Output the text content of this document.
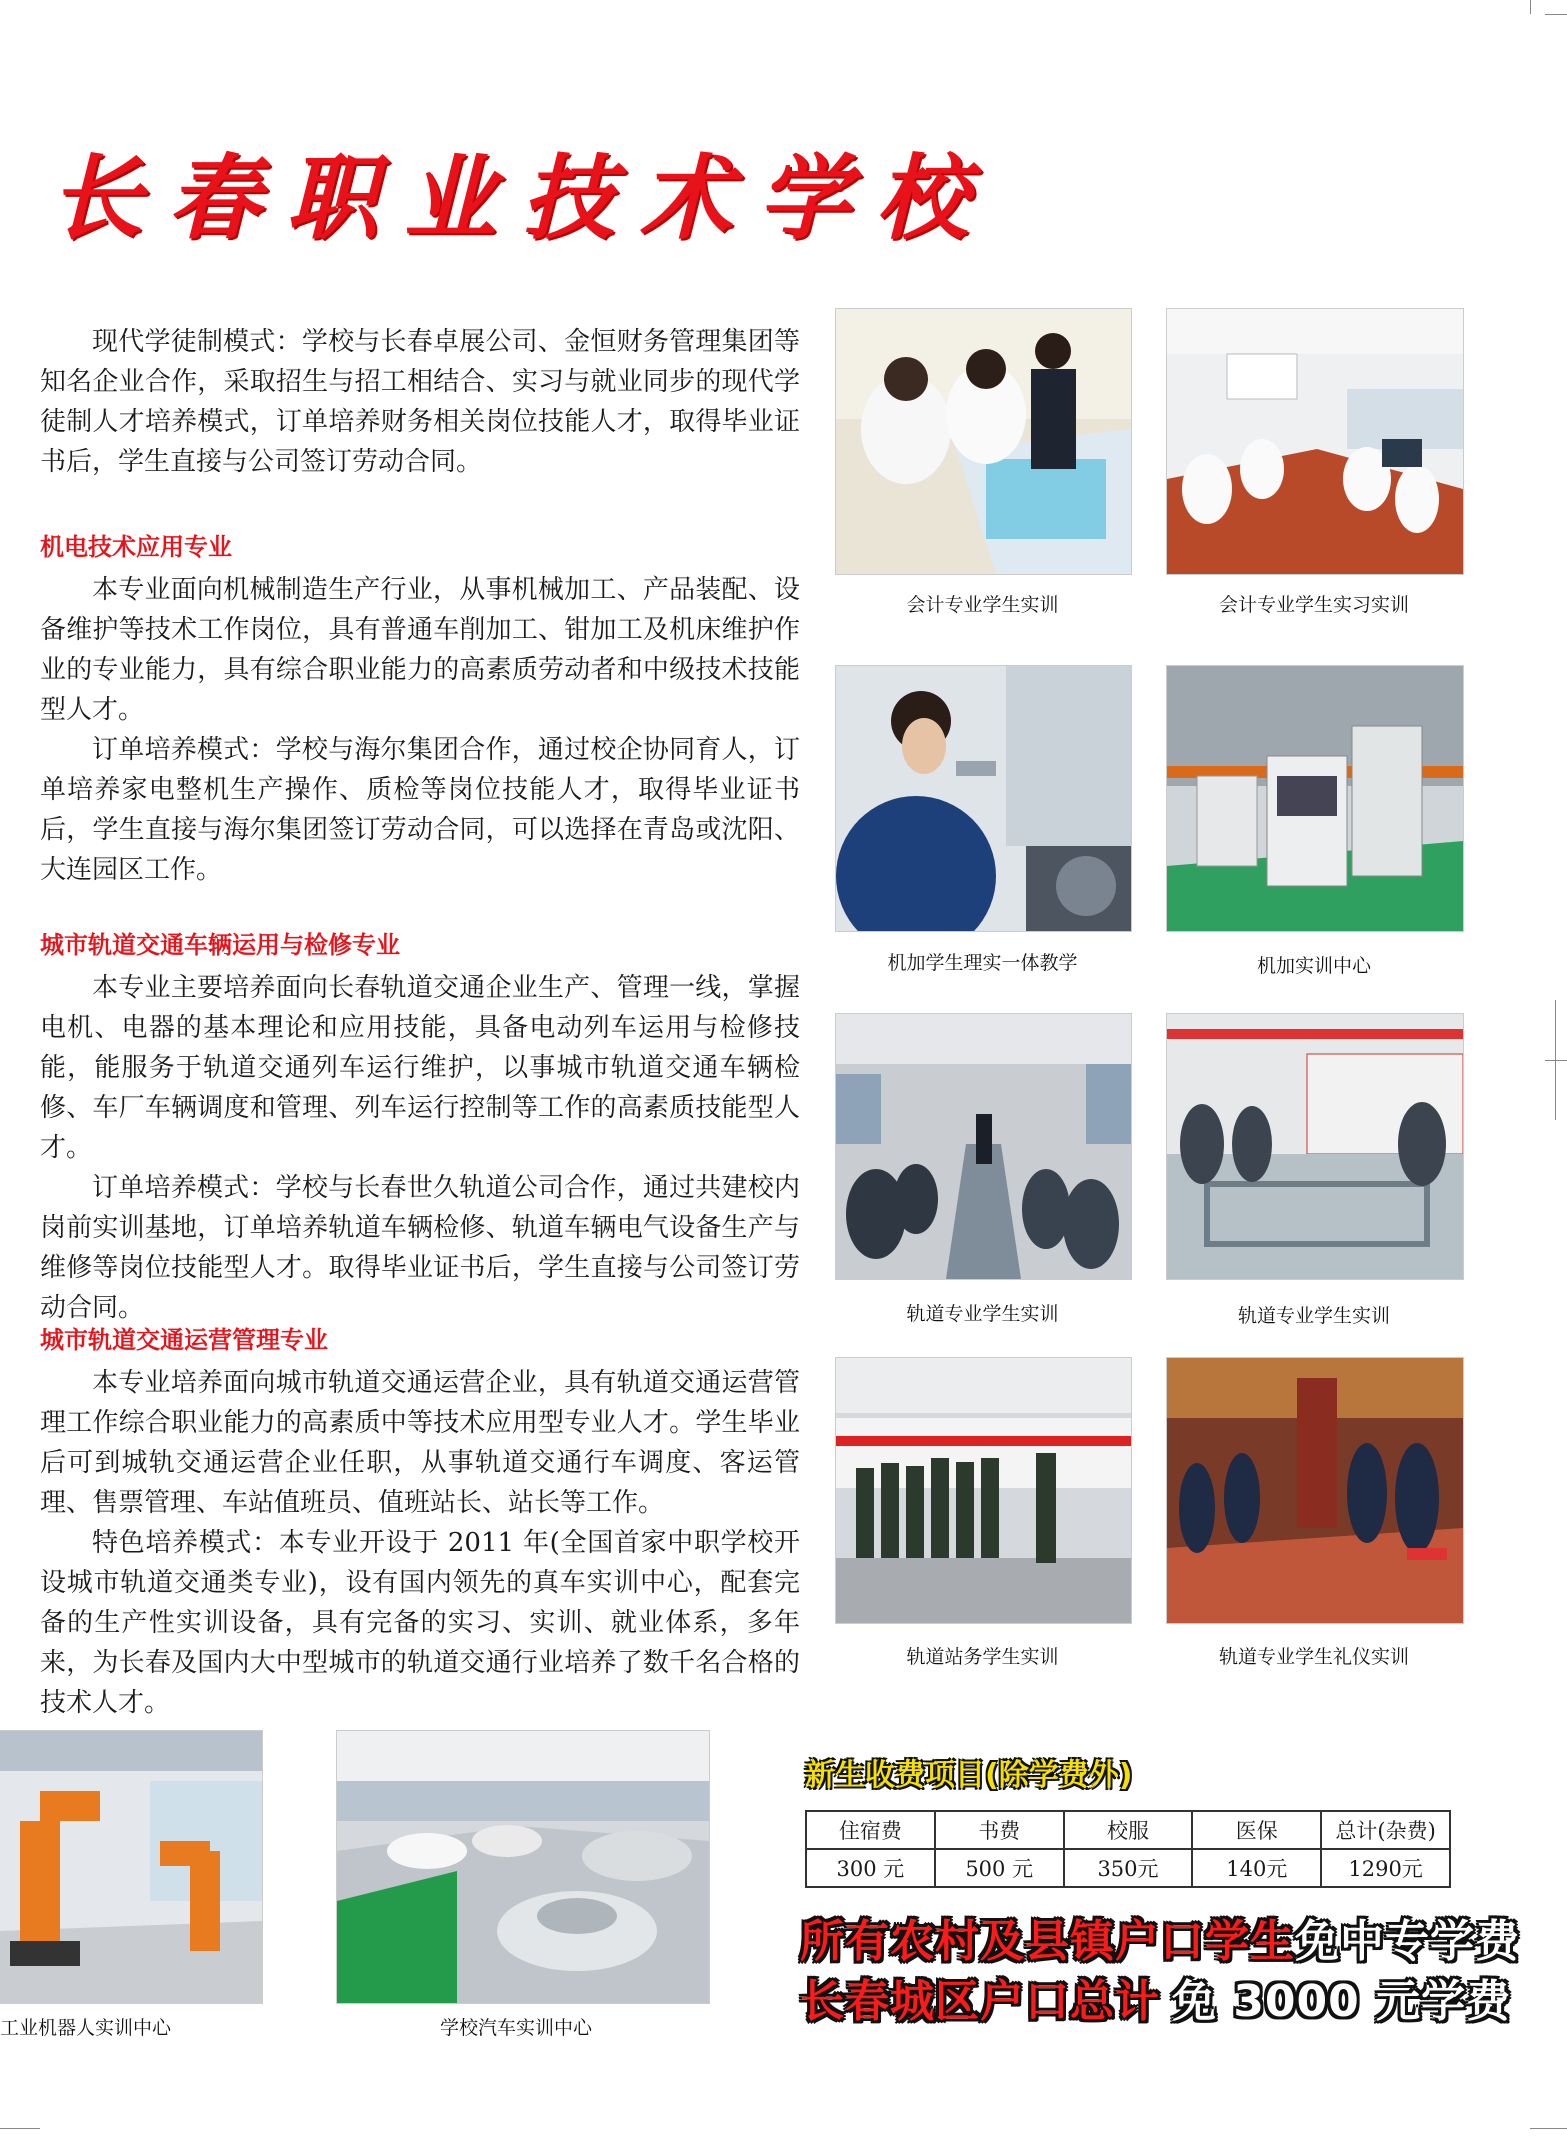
长春职业技术学校

现代学徒制模式：学校与长春卓展公司、金恒财务管理集团等知名企业合作，采取招生与招工相结合、实习与就业同步的现代学徒制人才培养模式，订单培养财务相关岗位技能人才，取得毕业证书后，学生直接与公司签订劳动合同。

机电技术应用专业

本专业面向机械制造生产行业，从事机械加工、产品装配、设备维护等技术工作岗位，具有普通车削加工、钳加工及机床维护作业的专业能力，具有综合职业能力的高素质劳动者和中级技术技能型人才。

订单培养模式：学校与海尔集团合作，通过校企协同育人，订单培养家电整机生产操作、质检等岗位技能人才，取得毕业证书后，学生直接与海尔集团签订劳动合同，可以选择在青岛或沈阳、大连园区工作。

城市轨道交通车辆运用与检修专业

本专业主要培养面向长春轨道交通企业生产、管理一线，掌握电机、电器的基本理论和应用技能，具备电动列车运用与检修技能，能服务于轨道交通列车运行维护，以事城市轨道交通车辆检修、车厂车辆调度和管理、列车运行控制等工作的高素质技能型人才。

订单培养模式：学校与长春世久轨道公司合作，通过共建校内岗前实训基地，订单培养轨道车辆检修、轨道车辆电气设备生产与维修等岗位技能型人才。取得毕业证书后，学生直接与公司签订劳动合同。

城市轨道交通运营管理专业

本专业培养面向城市轨道交通运营企业，具有轨道交通运营管理工作综合职业能力的高素质中等技术应用型专业人才。学生毕业后可到城轨交通运营企业任职，从事轨道交通行车调度、客运管理、售票管理、车站值班员、值班站长、站长等工作。

特色培养模式：本专业开设于 2011 年(全国首家中职学校开设城市轨道交通类专业)，设有国内领先的真车实训中心，配套完备的生产性实训设备，具有完备的实习、实训、就业体系，多年来，为长春及国内大中型城市的轨道交通行业培养了数千名合格的技术人才。

会计专业学生实训	会计专业学生实习实训
机加学生理实一体教学	机加实训中心
轨道专业学生实训	轨道专业学生实训
轨道站务学生实训	轨道专业学生礼仪实训
工业机器人实训中心	学校汽车实训中心
新生收费项目(除学费外)
住宿费	书费	校服	医保	总计(杂费)
300 元	500 元	350元	140元	1290元
所有农村及县镇户口学生免中专学费
长春城区户口总计 免 3000 元学费
